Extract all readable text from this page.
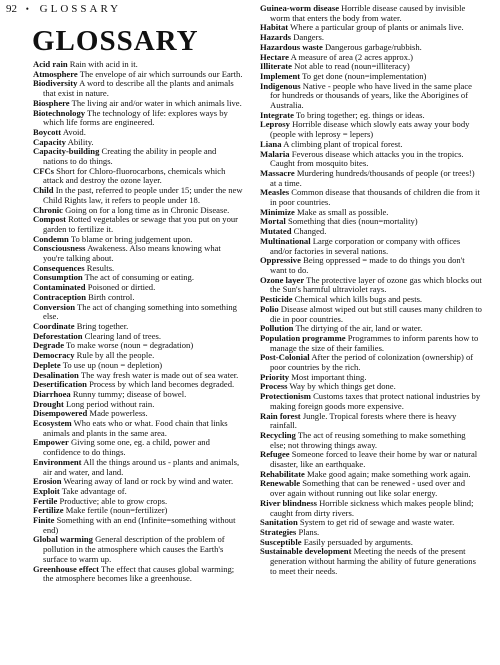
92 • GLOSSARY
GLOSSARY

Acid rain Rain with acid in it.

Atmosphere The envelope of air which surrounds our Earth.

Biodiversity A word to describe all the plants and animals that exist in nature.

Biosphere The living air and/or water in which animals live.

Biotechnology The technology of life: explores ways by which life forms are engineered.

Boycott Avoid.

Capacity Ability.

Capacity-building Creating the ability in people and nations to do things.

CFCs Short for Chloro-fluorocarbons, chemicals which attack and destroy the ozone layer.

Child In the past, referred to people under 15; under the new Child Rights law, it refers to people under 18.

Chronic Going on for a long time as in Chronic Disease.

Compost Rotted vegetables or sewage that you put on your garden to fertilize it.

Condemn To blame or bring judgement upon.

Consciousness Awakeness. Also means knowing what you're talking about.

Consequences Results.

Consumption The act of consuming or eating.

Contaminated Poisoned or dirtied.

Contraception Birth control.

Conversion The act of changing something into something else.

Coordinate Bring together.

Deforestation Clearing land of trees.

Degrade To make worse (noun = degradation)

Democracy Rule by all the people.

Deplete To use up (noun = depletion)

Desalination The way fresh water is made out of sea water.

Desertification Process by which land becomes degraded.

Diarrhoea Runny tummy; disease of bowel.

Drought Long period without rain.

Disempowered Made powerless.

Ecosystem Who eats who or what. Food chain that links animals and plants in the same area.

Empower Giving some one, eg. a child, power and confidence to do things.

Environment All the things around us - plants and animals, air and water, and land.

Erosion Wearing away of land or rock by wind and water.

Exploit Take advantage of.

Fertile Productive; able to grow crops.

Fertilize Make fertile (noun=fertilizer)

Finite Something with an end (Infinite=something without end)

Global warming General description of the problem of pollution in the atmosphere which causes the Earth's surface to warm up.

Greenhouse effect The effect that causes global warming; the atmosphere becomes like a greenhouse.

Guinea-worm disease Horrible disease caused by invisible worm that enters the body from water.

Habitat Where a particular group of plants or animals live.

Hazards Dangers.

Hazardous waste Dangerous garbage/rubbish.

Hectare A measure of area (2 acres approx.)

Illiterate Not able to read (noun=illiteracy)

Implement To get done (noun=implementation)

Indigenous Native - people who have lived in the same place for hundreds or thousands of years, like the Aborigines of Australia.

Integrate To bring together; eg. things or ideas.

Leprosy Horrible disease which slowly eats away your body (people with leprosy = lepers)

Liana A climbing plant of tropical forest.

Malaria Feverous disease which attacks you in the tropics. Caught from mosquito bites.

Massacre Murdering hundreds/thousands of people (or trees!) at a time.

Measles Common disease that thousands of children die from it in poor countries.

Minimize Make as small as possible.

Mortal Something that dies (noun=mortality)

Mutated Changed.

Multinational Large corporation or company with offices and/or factories in several nations.

Oppressive Being oppressed = made to do things you don't want to do.

Ozone layer The protective layer of ozone gas which blocks out the Sun's harmful ultraviolet rays.

Pesticide Chemical which kills bugs and pests.

Polio Disease almost wiped out but still causes many children to die in poor countries.

Pollution The dirtying of the air, land or water.

Population programme Programmes to inform parents how to manage the size of their families.

Post-Colonial After the period of colonization (ownership) of poor countries by the rich.

Priority Most important thing.

Process Way by which things get done.

Protectionism Customs taxes that protect national industries by making foreign goods more expensive.

Rain forest Jungle. Tropical forests where there is heavy rainfall.

Recycling The act of reusing something to make something else; not throwing things away.

Refugee Someone forced to leave their home by war or natural disaster, like an earthquake.

Rehabilitate Make good again; make something work again.

Renewable Something that can be renewed - used over and over again without running out like solar energy.

River blindness Horrible sickness which makes people blind; caught from dirty rivers.

Sanitation System to get rid of sewage and waste water.

Strategies Plans.

Susceptible Easily persuaded by arguments.

Sustainable development Meeting the needs of the present generation without harming the ability of future generations to meet their needs.
